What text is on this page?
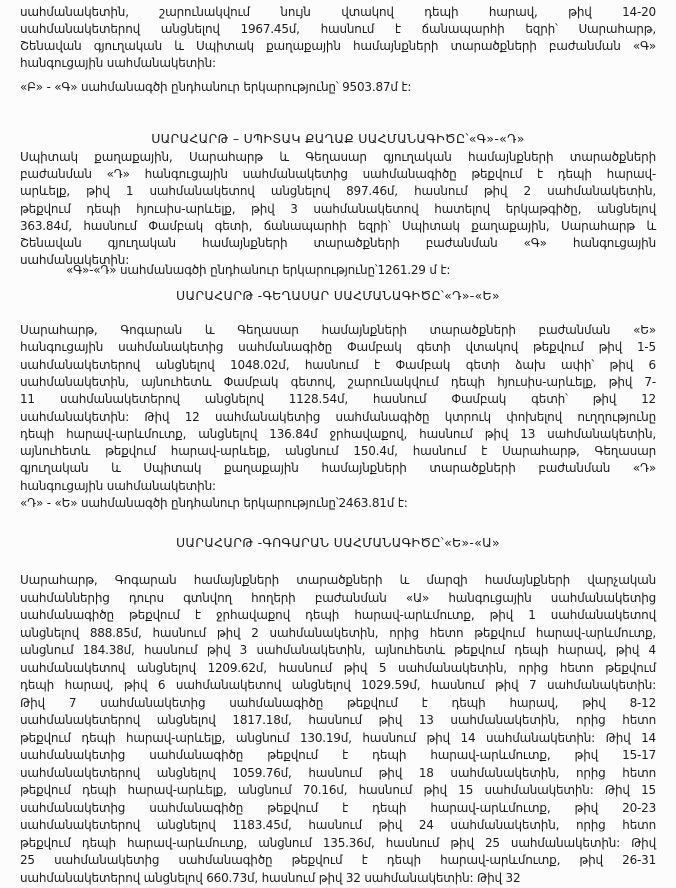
սահմանակետին, շարունակվում նույն վտակով դեպի հարավ, թիվ 14-20
սահմանակետերով անցնելով 1967.45մ, հասնում է ճանապարհի եզրի՝ Սարահարթ,
Շենավան գյուղական և Սպիտակ քաղաքային համայնքների տարածքների բաժանման «Գ»
հանգուցային սահմանակետին:
«Բ» - «Գ» սահմանագծի ընդհանուր երկարությունը՝ 9503.87մ է:
ՍԱՐԱՀԱՐԹ – ՍՊԻՏԱԿ ՔԱՂԱՔ ՍԱՀՄԱՆԱԳԻԾԸ՝«Գ»-«Դ»
Սպիտակ քաղաքային, Սարահարթ և Գեղասար գյուղական համայնքների տարածքների
բաժանման «Դ» հանգուցային սահմանակետից սահմանագիծը թեքվում է դեպի հարավ-
արևելք, թիվ 1 սահմանակետով անցնելով 897.46մ, հասնում թիվ 2 սահմանակետին,
թեքվում դեպի հյուսիս-արևելք, թիվ 3 սահմանակետով հատելով երկաթգիծը, անցնելով
363.84մ, հասնում Փամբակ գետի, ճանապարհի եզրի՝ Սպիտակ քաղաքային, Սարահարթ և
Շենավան գյուղական համայնքների տարածքների բաժանման «Գ» հանգուցային
սահմանակետին:
«Գ»-«Դ» սահմանագծի ընդհանուր երկարությունը՝1261.29 մ է:
ՍԱՐԱՀԱՐԹ -ԳԵՂԱՍԱՐ ՍԱՀՄԱՆԱԳԻԾԸ՝«Դ»-«Ե»
Սարահարթ, Գոգարան և Գեղասար համայնքների տարածքների բաժանման «Ե»
հանգուցային սահմանակետից սահմանագիծը Փամբակ գետի վտակով թեքվում թիվ 1-5
սահմանակետերով անցնելով 1048.02մ, հասնում է Փամբակ գետի ձախ ափի՝ թիվ 6
սահմանակետին, այնուհետև Փամբակ գետով, շարունակվում դեպի հյուսիս-արևելք, թիվ 7-
11 սահմանակետերով անցնելով 1128.54մ, հասնում Փամբակ գետի՝ թիվ 12
սահմանակետին: Թիվ 12 սահմանակետից սահմանագիծը կտրուկ փոխելով ուղղությունը
դեպի հարավ-արևմուտք, անցնելով 136.84մ ջրհավաքով, հասնում թիվ 13 սահմանակետին,
այնուհետև թեքվում հարավ-արևելք, անցնում 150.4մ, հասնում է Սարահարթ, Գեղասար
գյուղական և Սպիտակ քաղաքային համայնքների տարածքների բաժանման «Դ»
հանգուցային սահմանակետին:
«Դ» - «Ե» սահմանագծի ընդհանուր երկարությունը՝2463.81մ է:
ՍԱՐԱՀԱՐԹ -ԳՈԳԱՐԱՆ ՍԱՀՄԱՆԱԳԻԾԸ՝«Ե»-«Ա»
Սարահարթ, Գոգարան համայնքների տարածքների և մարզի համայնքների վարչական
սահմաններից դուրս գտնվող հողերի բաժանման «Ա» հանգուցային սահմանակետից
սահմանագիծը թեքվում է ջրհավաքով դեպի հարավ-արևմուտք, թիվ 1 սահմանակետով
անցնելով 888.85մ, հասնում թիվ 2 սահմանակետին, որից հետո թեքվում հարավ-արևմուտք,
անցնում 184.38մ, հասնում թիվ 3 սահմանակետին, այնուհետև թեքվում դեպի հարավ, թիվ 4
սահմանակետով անցնելով 1209.62մ, հասնում թիվ 5 սահմանակետին, որից հետո թեքվում
դեպի հարավ, թիվ 6 սահմանակետով անցնելով 1029.59մ, հասնում թիվ 7 սահմանակետին:
Թիվ 7 սահմանակետից սահմանագիծը թեքվում է դեպի հարավ, թիվ 8-12
սահմանակետերով անցնելով 1817.18մ, հասնում թիվ 13 սահմանակետին, որից հետո
թեքվում դեպի հարավ-արևելք, անցնում 130.19մ, հասնում թիվ 14 սահմանակետին: Թիվ 14
սահմանակետից սահմանագիծը թեքվում է դեպի հարավ-արևմուտք, թիվ 15-17
սահմանակետերով անցնելով 1059.76մ, հասնում թիվ 18 սահմանակետին, որից հետո
թեքվում դեպի հարավ-արևելք, անցնում 70.16մ, հասնում թիվ 15 սահմանակետին: Թիվ 15
սահմանակետից սահմանագիծը թեքվում է դեպի հարավ-արևմուտք, թիվ 20-23
սահմանակետերով անցնելով 1183.45մ, հասնում թիվ 24 սահմանակետին, որից հետո
թեքվում դեպի հարավ-արևմուտք, անցնում 135.36մ, հասնում թիվ 25 սահմանակետին: Թիվ
25 սահմանակետից սահմանագիծը թեքվում է դեպի հարավ-արևմուտք, թիվ 26-31
սահմանակետերով անցնելով 660.73մ, հասնում թիվ 32 սահմանակետին: Թիվ 32
